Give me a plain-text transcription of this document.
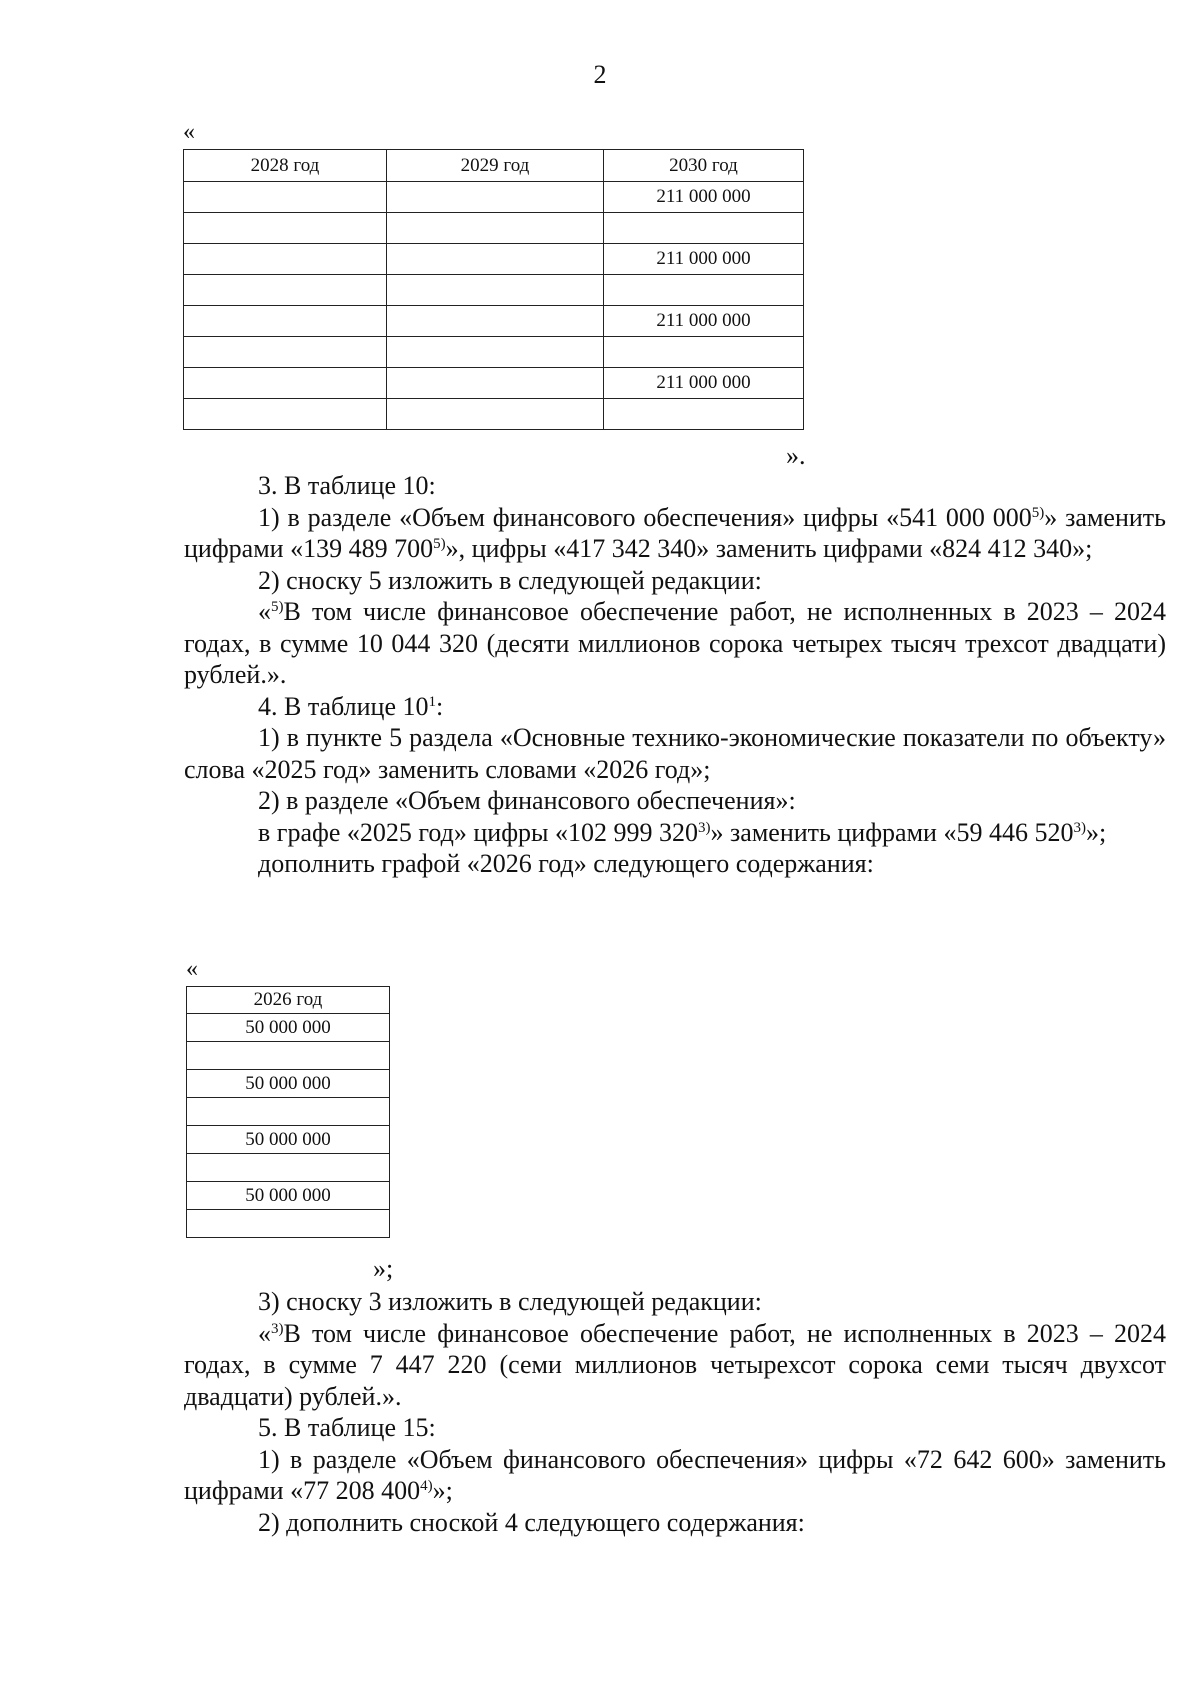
2
«
2028 год	2029 год	2030 год
		211 000 000

		211 000 000

		211 000 000

		211 000 000

».

3. В таблице 10:

1) в разделе «Объем финансового обеспечения» цифры «541 000 000$^{5)}$» заменить цифрами «139 489 700$^{5)}$», цифры «417 342 340» заменить цифрами «824 412 340»;

2) сноску 5 изложить в следующей редакции:

«$^{5)}$В том числе финансовое обеспечение работ, не исполненных в 2023 – 2024 годах, в сумме 10 044 320 (десяти миллионов сорока четырех тысяч трехсот двадцати) рублей.».

4. В таблице $10^1$:

1) в пункте 5 раздела «Основные технико-экономические показатели по объекту» слова «2025 год» заменить словами «2026 год»;

2) в разделе «Объем финансового обеспечения»:

в графе «2025 год» цифры «102 999 320$^{3)}$» заменить цифрами «59 446 520$^{3)}$»;

дополнить графой «2026 год» следующего содержания:

«
2026 год
50 000 000

50 000 000

50 000 000

50 000 000

»;

3) сноску 3 изложить в следующей редакции:

«$^{3)}$В том числе финансовое обеспечение работ, не исполненных в 2023 – 2024 годах, в сумме 7 447 220 (семи миллионов четырехсот сорока семи тысяч двухсот двадцати) рублей.».

5. В таблице 15:

1) в разделе «Объем финансового обеспечения» цифры «72 642 600» заменить цифрами «77 208 400$^{4)}$»;

2) дополнить сноской 4 следующего содержания:
